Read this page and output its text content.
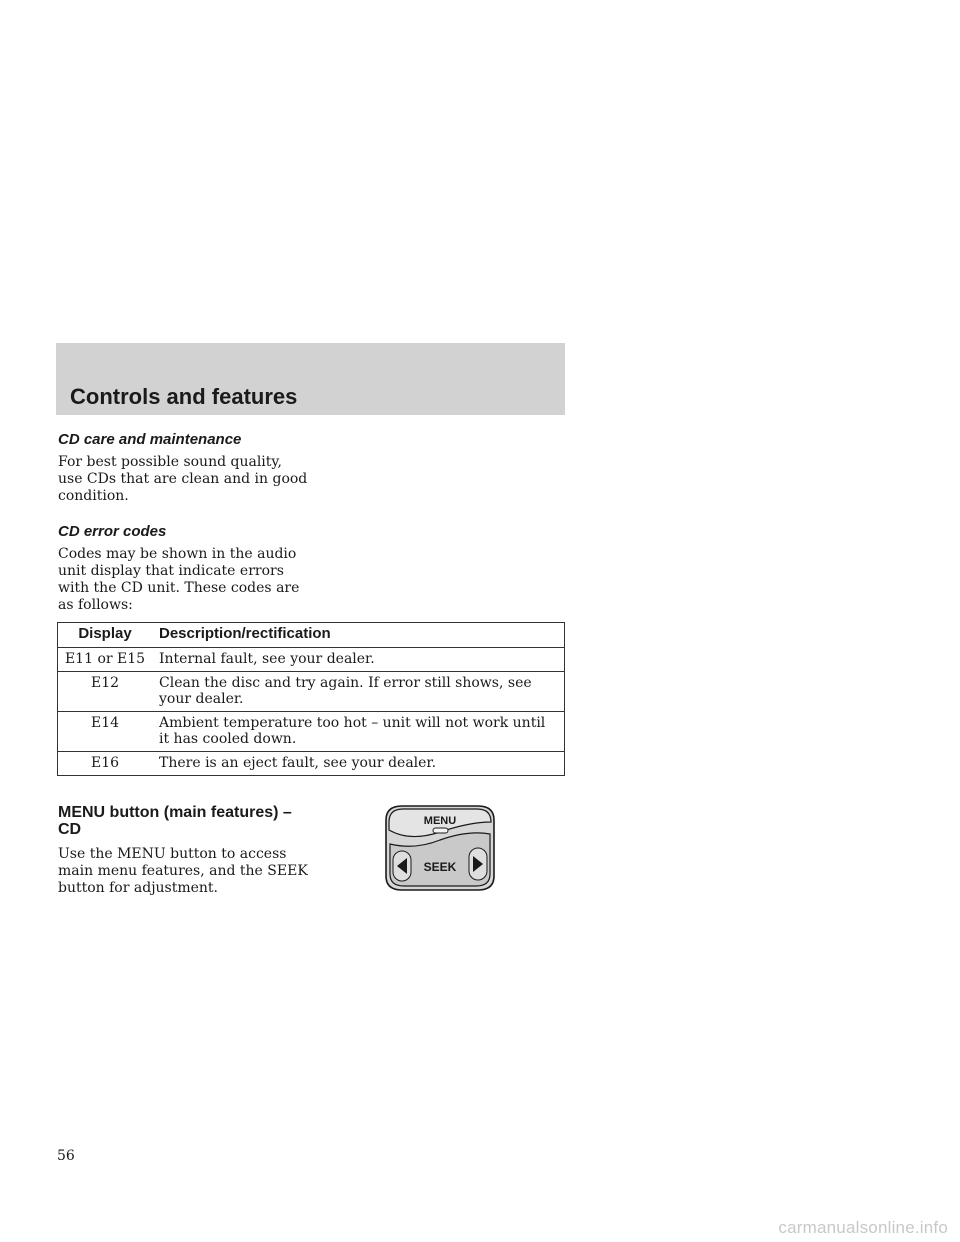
Controls and features
CD care and maintenance
For best possible sound quality, use CDs that are clean and in good condition.
CD error codes
Codes may be shown in the audio unit display that indicate errors with the CD unit. These codes are as follows:
Display	Description/rectification
E11 or E15	Internal fault, see your dealer.
E12	Clean the disc and try again. If error still shows, see your dealer.
E14	Ambient temperature too hot – unit will not work until it has cooled down.
E16	There is an eject fault, see your dealer.
MENU button (main features) – CD
Use the MENU button to access main menu features, and the SEEK button for adjustment.
MENU
SEEK
56
carmanualsonline.info
